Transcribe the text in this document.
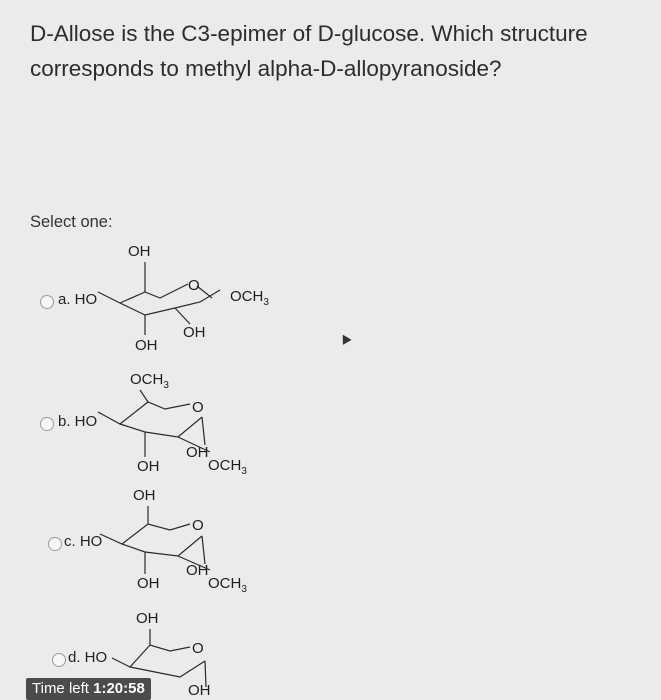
D-Allose is the C3-epimer of D-glucose. Which structure corresponds to methyl alpha-D-allopyranoside?
Select one:
a. HO
OH
O
$OCH_3$
OH
OH
b. HO
$OCH_3$
O
OH
OH
$OCH_3$
c. HO
OH
O
OH
OH
$OCH_3$
d. HO
OH
O
OH
Time left 1:20:58
